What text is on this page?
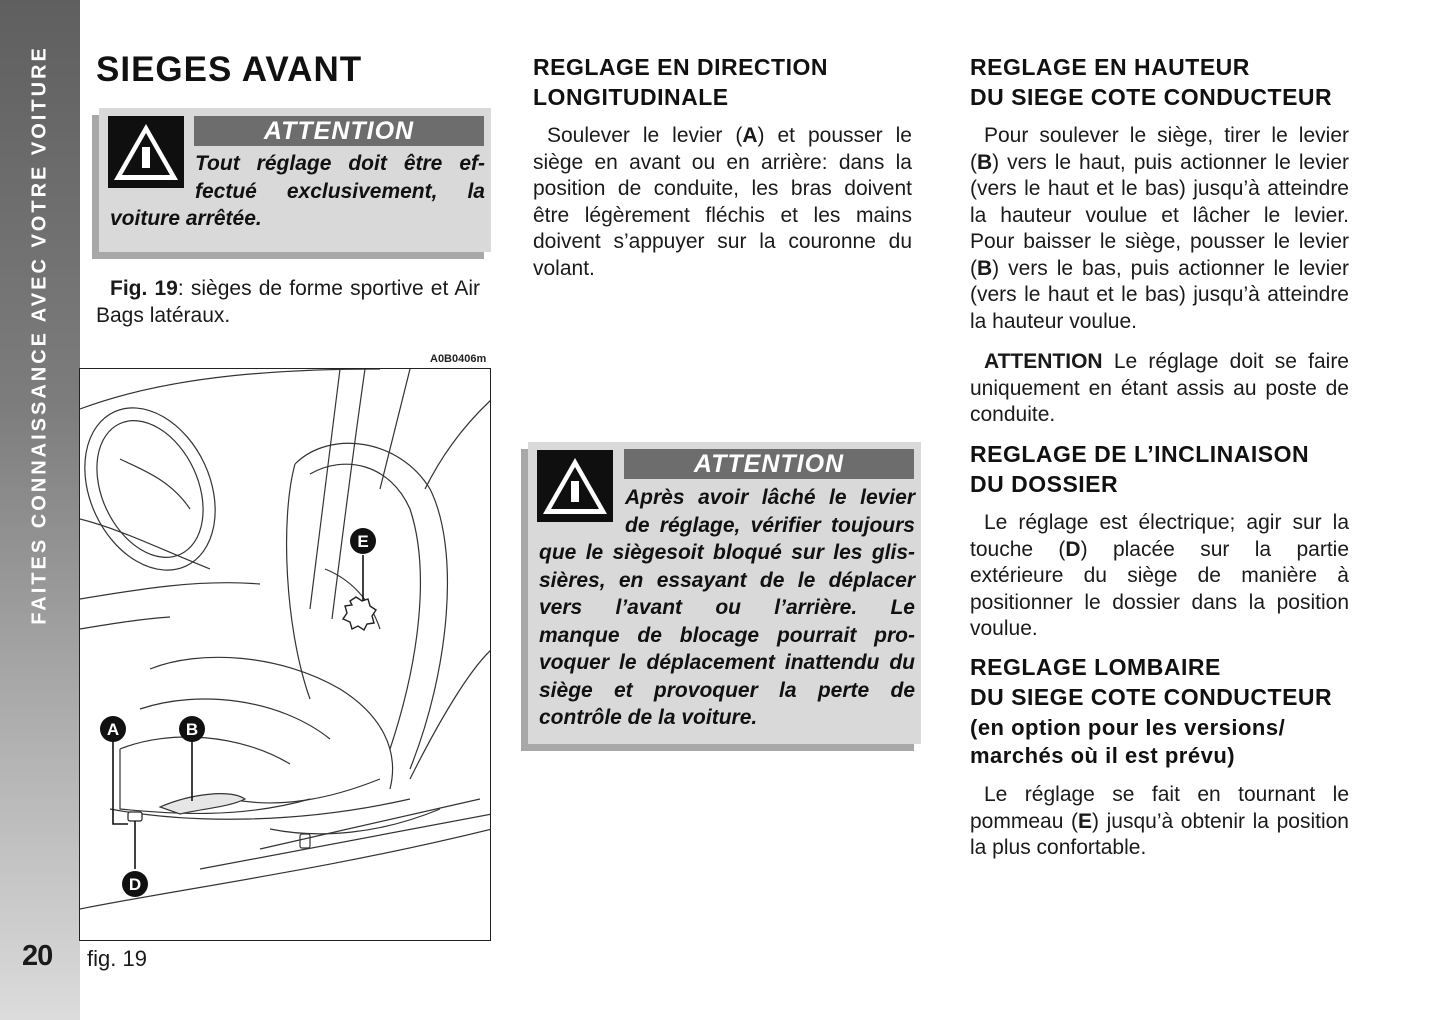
FAITES CONNAISSANCE AVEC VOTRE VOITURE
20
SIEGES AVANT
ATTENTION
Tout réglage doit être ef-
fectué exclusivement, la
voiture arrêtée.

Fig. 19: sièges de forme sportive et Air Bags latéraux.

A0B0406m
E
A	B
D
fig. 19
REGLAGE EN DIRECTION
LONGITUDINALE

Soulever le levier (A) et pousser le siège en avant ou en arrière: dans la position de conduite, les bras doivent être légèrement fléchis et les mains doivent s’appuyer sur la couronne du volant.

ATTENTION
Après avoir lâché le levier
de réglage, vérifier toujours
que le siègesoit bloqué sur les glis-
sières, en essayant de le déplacer
vers l’avant ou l’arrière. Le
manque de blocage pourrait pro-
voquer le déplacement inattendu du
siège et provoquer la perte de
contrôle de la voiture.
REGLAGE EN HAUTEUR
DU SIEGE COTE CONDUCTEUR

Pour soulever le siège, tirer le levier (B) vers le haut, puis actionner le levier (vers le haut et le bas) jusqu’à atteindre la hauteur voulue et lâcher le levier. Pour baisser le siège, pousser le levier (B) vers le bas, puis actionner le levier (vers le haut et le bas) jusqu’à atteindre la hauteur voulue.

ATTENTION Le réglage doit se faire uniquement en étant assis au poste de conduite.

REGLAGE DE L’INCLINAISON
DU DOSSIER

Le réglage est électrique; agir sur la touche (D) placée sur la partie extérieure du siège de manière à positionner le dossier dans la position voulue.

REGLAGE LOMBAIRE
DU SIEGE COTE CONDUCTEUR
(en option pour les versions/
marchés où il est prévu)

Le réglage se fait en tournant le pommeau (E) jusqu’à obtenir la position la plus confortable.
